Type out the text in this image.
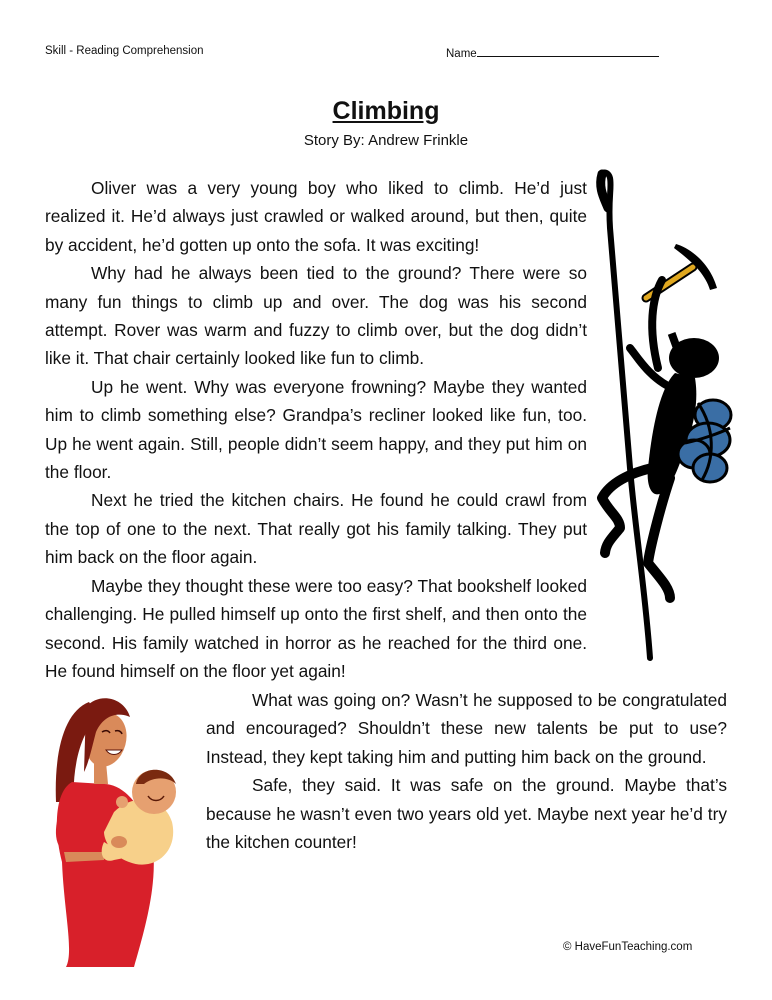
Skill - Reading Comprehension	Name
Climbing
Story By: Andrew Frinkle

Oliver was a very young boy who liked to climb. He’d just realized it. He’d always just crawled or walked around, but then, quite by accident, he’d gotten up onto the sofa. It was exciting!

Why had he always been tied to the ground? There were so many fun things to climb up and over. The dog was his second attempt. Rover was warm and fuzzy to climb over, but the dog didn’t like it. That chair certainly looked like fun to climb.

Up he went. Why was everyone frowning? Maybe they wanted him to climb something else? Grandpa’s recliner looked like fun, too. Up he went again. Still, people didn’t seem happy, and they put him on the floor.

Next he tried the kitchen chairs. He found he could crawl from the top of one to the next. That really got his family talking. They put him back on the floor again.

Maybe they thought these were too easy? That bookshelf looked challenging. He pulled himself up onto the first shelf, and then onto the second. His family watched in horror as he reached for the third one. He found himself on the floor yet again!

What was going on? Wasn’t he supposed to be congratulated and encouraged? Shouldn’t these new talents be put to use? Instead, they kept taking him and putting him back on the ground.

Safe, they said. It was safe on the ground. Maybe that’s because he wasn’t even two years old yet. Maybe next year he’d try the kitchen counter!

© HaveFunTeaching.com
